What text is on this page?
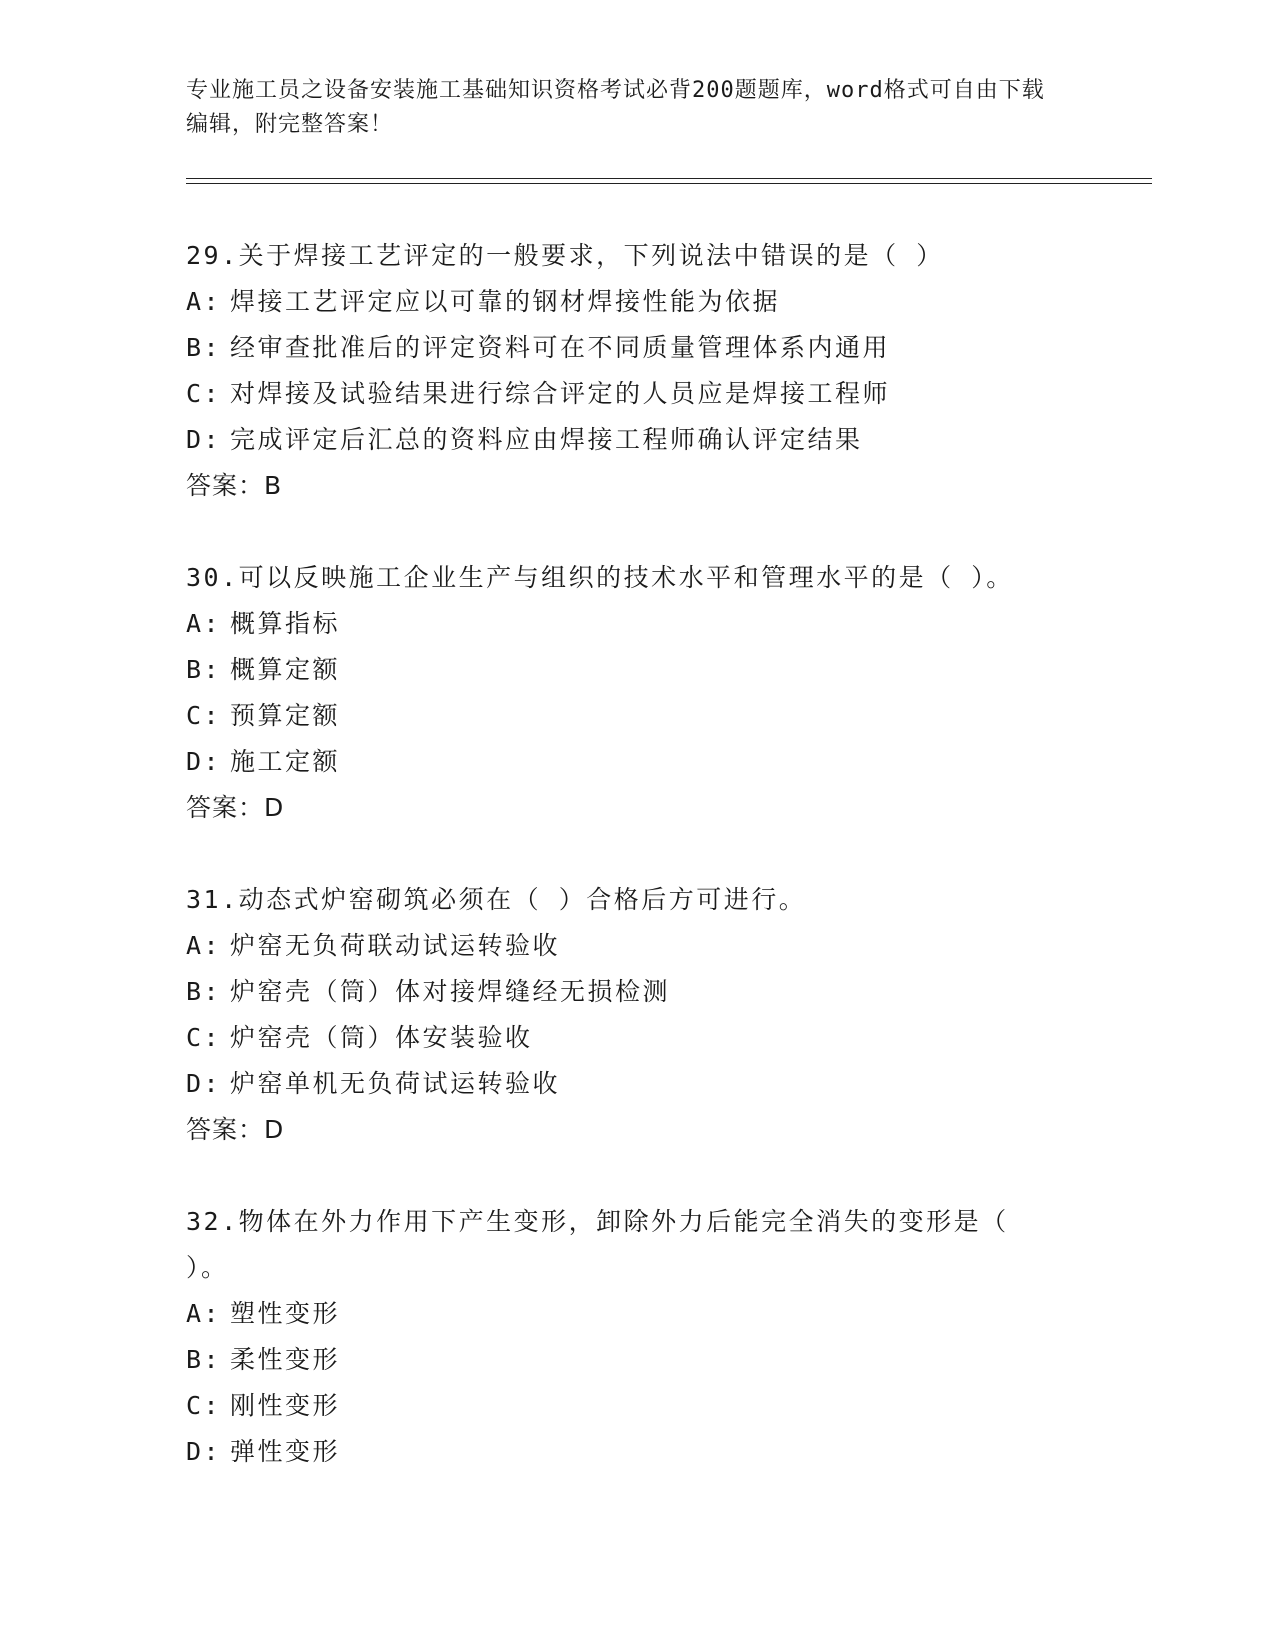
专业施工员之设备安装施工基础知识资格考试必背200题题库，word格式可自由下载编辑，附完整答案！
29.关于焊接工艺评定的一般要求，下列说法中错误的是（ ）
A: 焊接工艺评定应以可靠的钢材焊接性能为依据
B: 经审查批准后的评定资料可在不同质量管理体系内通用
C: 对焊接及试验结果进行综合评定的人员应是焊接工程师
D: 完成评定后汇总的资料应由焊接工程师确认评定结果
答案：B
30.可以反映施工企业生产与组织的技术水平和管理水平的是（ ）。
A: 概算指标
B: 概算定额
C: 预算定额
D: 施工定额
答案：D
31.动态式炉窑砌筑必须在（ ）合格后方可进行。
A: 炉窑无负荷联动试运转验收
B: 炉窑壳（筒）体对接焊缝经无损检测
C: 炉窑壳（筒）体安装验收
D: 炉窑单机无负荷试运转验收
答案：D
32.物体在外力作用下产生变形，卸除外力后能完全消失的变形是（ ）。
A: 塑性变形
B: 柔性变形
C: 刚性变形
D: 弹性变形
